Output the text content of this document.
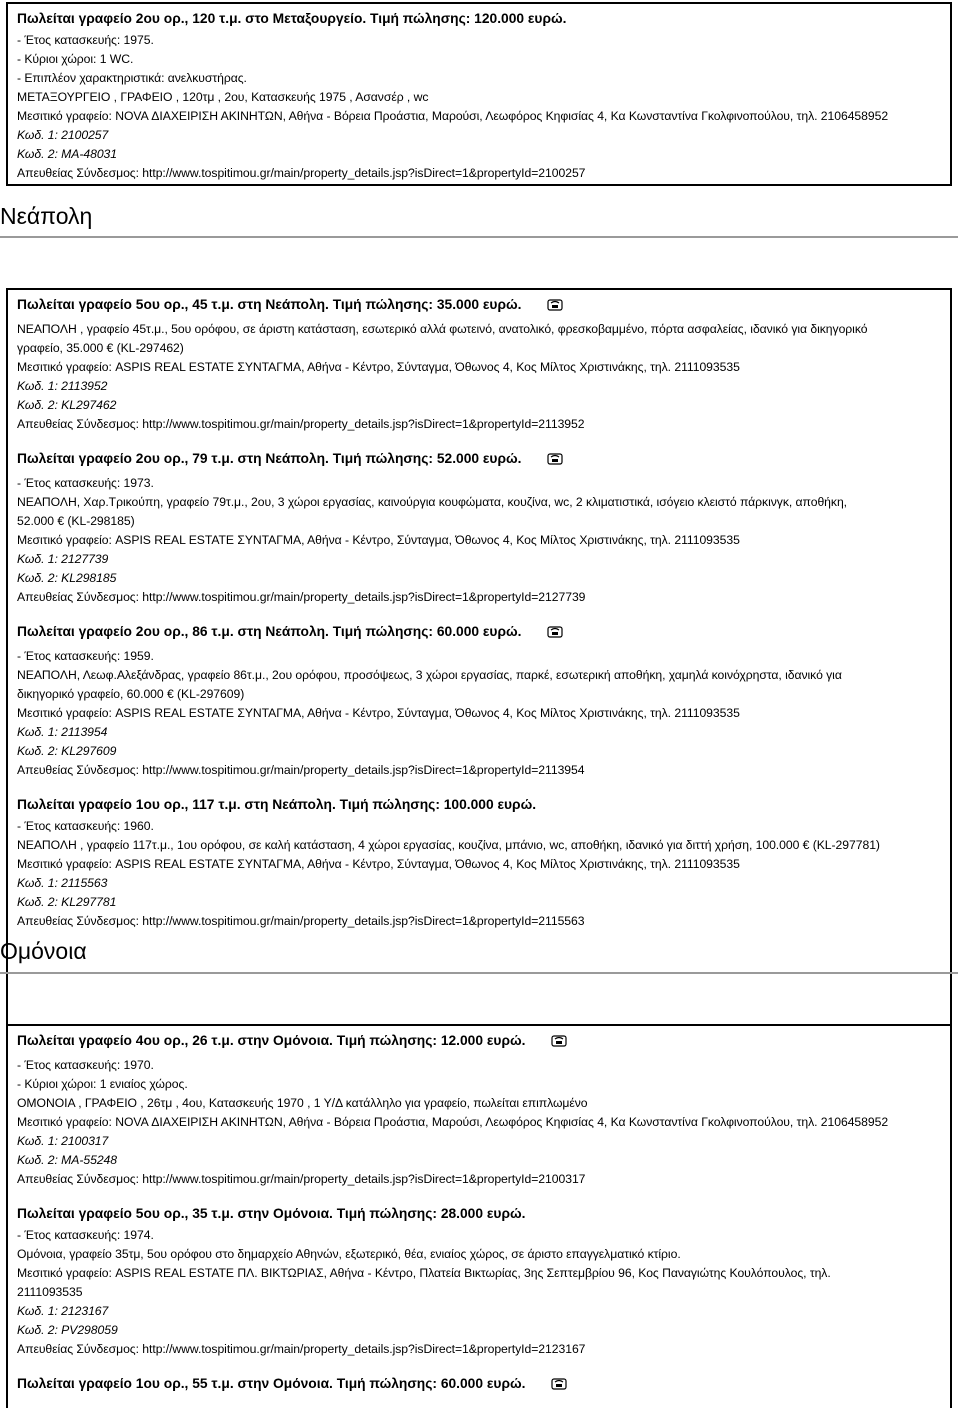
Πωλείται γραφείο 2ου ορ., 120 τ.μ. στο Μεταξουργείο. Τιμή πώλησης: 120.000 ευρώ.
- Έτος κατασκευής: 1975.
- Κύριοι χώροι: 1 WC.
- Επιπλέον χαρακτηριστικά: ανελκυστήρας.
ΜΕΤΑΞΟΥΡΓΕΙΟ , ΓΡΑΦΕΙΟ , 120τμ , 2ου, Κατασκευής 1975 , Ασανσέρ , wc
Μεσιτικό γραφείο: NOVA ΔΙΑΧΕΙΡΙΣΗ ΑΚΙΝΗΤΩΝ, Αθήνα - Βόρεια Προάστια, Μαρούσι, Λεωφόρος Κηφισίας 4, Κα Κωνσταντίνα Γκολφινοπούλου, τηλ. 2106458952
Κωδ. 1: 2100257
Κωδ. 2: MA-48031
Απευθείας Σύνδεσμος: http://www.tospitimou.gr/main/property_details.jsp?isDirect=1&propertyId=2100257
Νεάπολη
Πωλείται γραφείο 5ου ορ., 45 τ.μ. στη Νεάπολη. Τιμή πώλησης: 35.000 ευρώ.
ΝΕΑΠΟΛΗ , γραφείο 45τ.μ., 5ου ορόφου, σε άριστη κατάσταση, εσωτερικό αλλά φωτεινό, ανατολικό, φρεσκοβαμμένο, πόρτα ασφαλείας, ιδανικό για δικηγορικό
γραφείο, 35.000 € (KL-297462)
Μεσιτικό γραφείο: ASPIS REAL ESTATE ΣΥΝΤΑΓΜΑ, Αθήνα - Κέντρο, Σύνταγμα, Όθωνος 4, Κος Μίλτος Χριστινάκης, τηλ. 2111093535
Κωδ. 1: 2113952
Κωδ. 2: KL297462
Απευθείας Σύνδεσμος: http://www.tospitimou.gr/main/property_details.jsp?isDirect=1&propertyId=2113952
Πωλείται γραφείο 2ου ορ., 79 τ.μ. στη Νεάπολη. Τιμή πώλησης: 52.000 ευρώ.
- Έτος κατασκευής: 1973.
ΝΕΑΠΟΛΗ, Χαρ.Τρικούπη, γραφείο 79τ.μ., 2ου, 3 χώροι εργασίας, καινούργια κουφώματα, κουζίνα, wc, 2 κλιματιστικά, ισόγειο κλειστό πάρκινγκ, αποθήκη,
52.000 € (KL-298185)
Μεσιτικό γραφείο: ASPIS REAL ESTATE ΣΥΝΤΑΓΜΑ, Αθήνα - Κέντρο, Σύνταγμα, Όθωνος 4, Κος Μίλτος Χριστινάκης, τηλ. 2111093535
Κωδ. 1: 2127739
Κωδ. 2: KL298185
Απευθείας Σύνδεσμος: http://www.tospitimou.gr/main/property_details.jsp?isDirect=1&propertyId=2127739
Πωλείται γραφείο 2ου ορ., 86 τ.μ. στη Νεάπολη. Τιμή πώλησης: 60.000 ευρώ.
- Έτος κατασκευής: 1959.
ΝΕΑΠΟΛΗ, Λεωφ.Αλεξάνδρας, γραφείο 86τ.μ., 2ου ορόφου, προσόψεως, 3 χώροι εργασίας, παρκέ, εσωτερική αποθήκη, χαμηλά κοινόχρηστα, ιδανικό για
δικηγορικό γραφείο, 60.000 € (KL-297609)
Μεσιτικό γραφείο: ASPIS REAL ESTATE ΣΥΝΤΑΓΜΑ, Αθήνα - Κέντρο, Σύνταγμα, Όθωνος 4, Κος Μίλτος Χριστινάκης, τηλ. 2111093535
Κωδ. 1: 2113954
Κωδ. 2: KL297609
Απευθείας Σύνδεσμος: http://www.tospitimou.gr/main/property_details.jsp?isDirect=1&propertyId=2113954
Πωλείται γραφείο 1ου ορ., 117 τ.μ. στη Νεάπολη. Τιμή πώλησης: 100.000 ευρώ.
- Έτος κατασκευής: 1960.
ΝΕΑΠΟΛΗ , γραφείο 117τ.μ., 1ου ορόφου, σε καλή κατάσταση, 4 χώροι εργασίας, κουζίνα, μπάνιο, wc, αποθήκη, ιδανικό για διττή χρήση, 100.000 € (KL-297781)
Μεσιτικό γραφείο: ASPIS REAL ESTATE ΣΥΝΤΑΓΜΑ, Αθήνα - Κέντρο, Σύνταγμα, Όθωνος 4, Κος Μίλτος Χριστινάκης, τηλ. 2111093535
Κωδ. 1: 2115563
Κωδ. 2: KL297781
Απευθείας Σύνδεσμος: http://www.tospitimou.gr/main/property_details.jsp?isDirect=1&propertyId=2115563
Ομόνοια
Πωλείται γραφείο 4ου ορ., 26 τ.μ. στην Ομόνοια. Τιμή πώλησης: 12.000 ευρώ.
- Έτος κατασκευής: 1970.
- Κύριοι χώροι: 1 ενιαίος χώρος.
ΟΜΟΝΟΙΑ , ΓΡΑΦΕΙΟ , 26τμ , 4ου, Κατασκευής 1970 , 1 Υ/Δ κατάλληλο για γραφείο, πωλείται επιπλωμένο
Μεσιτικό γραφείο: NOVA ΔΙΑΧΕΙΡΙΣΗ ΑΚΙΝΗΤΩΝ, Αθήνα - Βόρεια Προάστια, Μαρούσι, Λεωφόρος Κηφισίας 4, Κα Κωνσταντίνα Γκολφινοπούλου, τηλ. 2106458952
Κωδ. 1: 2100317
Κωδ. 2: MA-55248
Απευθείας Σύνδεσμος: http://www.tospitimou.gr/main/property_details.jsp?isDirect=1&propertyId=2100317
Πωλείται γραφείο 5ου ορ., 35 τ.μ. στην Ομόνοια. Τιμή πώλησης: 28.000 ευρώ.
- Έτος κατασκευής: 1974.
Ομόνοια, γραφείο 35τμ, 5ου ορόφου στο δημαρχείο Αθηνών, εξωτερικό, θέα, ενιαίος χώρος, σε άριστο επαγγελματικό κτίριο.
Μεσιτικό γραφείο: ASPIS REAL ESTATE ΠΛ. ΒΙΚΤΩΡΙΑΣ, Αθήνα - Κέντρο, Πλατεία Βικτωρίας, 3ης Σεπτεμβρίου 96, Κος Παναγιώτης Κουλόπουλος, τηλ.
2111093535
Κωδ. 1: 2123167
Κωδ. 2: PV298059
Απευθείας Σύνδεσμος: http://www.tospitimou.gr/main/property_details.jsp?isDirect=1&propertyId=2123167
Πωλείται γραφείο 1ου ορ., 55 τ.μ. στην Ομόνοια. Τιμή πώλησης: 60.000 ευρώ.
